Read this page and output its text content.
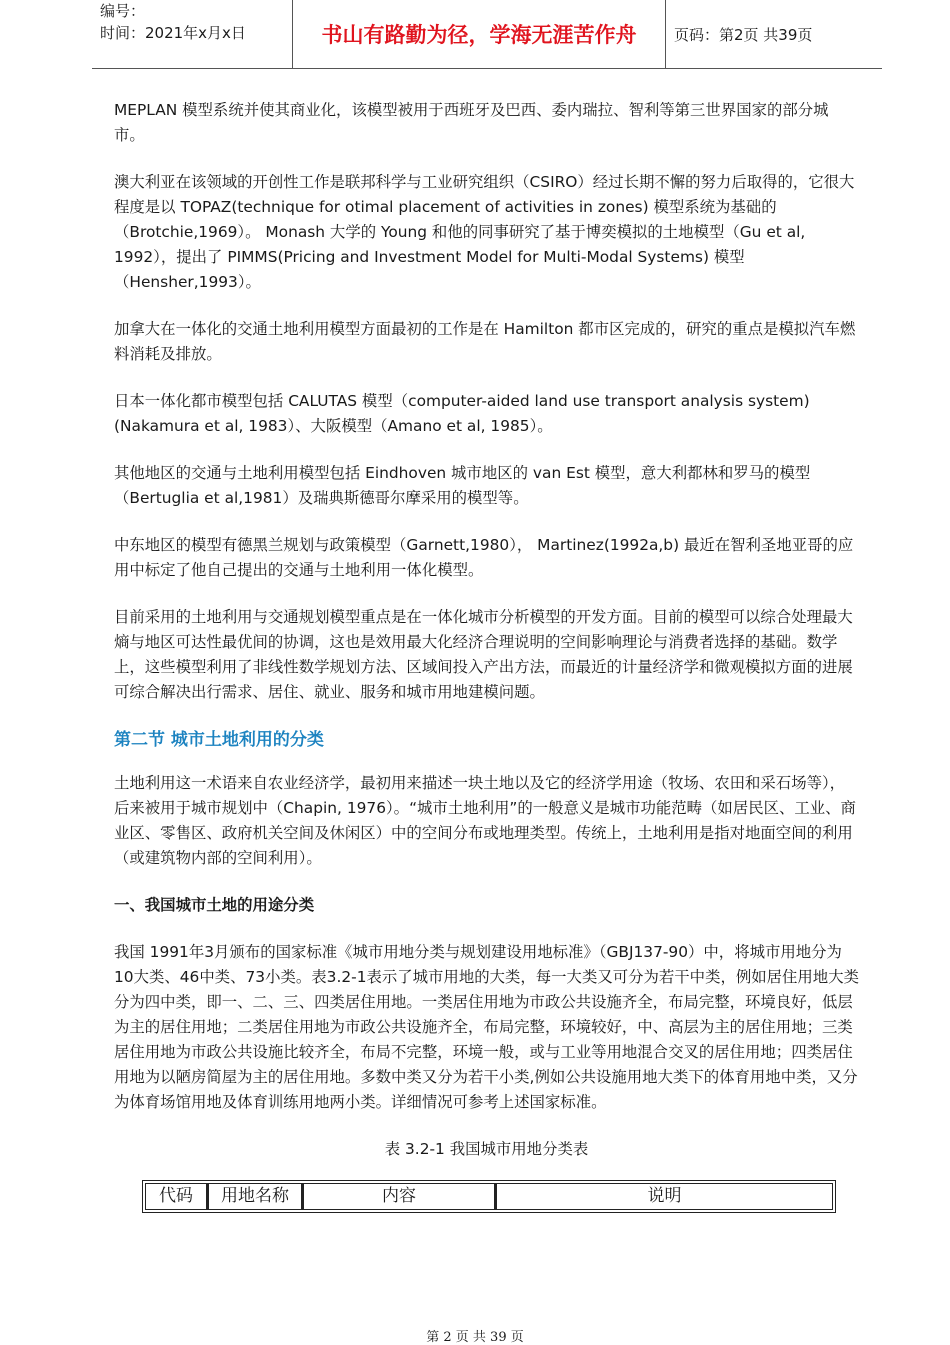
编号：
时间：2021年x月x日	书山有路勤为径，学海无涯苦作舟	页码：第2页 共39页

MEPLAN 模型系统并使其商业化，该模型被用于西班牙及巴西、委内瑞拉、智利等第三世界国家的部分城市。

澳大利亚在该领域的开创性工作是联邦科学与工业研究组织（CSIRO）经过长期不懈的努力后取得的，它很大程度是以 TOPAZ(technique for otimal placement of activities in zones) 模型系统为基础的（Brotchie,1969）。 Monash 大学的 Young 和他的同事研究了基于博奕模拟的土地模型（Gu et al, 1992），提出了 PIMMS(Pricing and Investment Model for Multi-Modal Systems) 模型（Hensher,1993）。

加拿大在一体化的交通土地利用模型方面最初的工作是在 Hamilton 都市区完成的，研究的重点是模拟汽车燃料消耗及排放。

日本一体化都市模型包括 CALUTAS 模型（computer-aided land use transport analysis system)(Nakamura et al, 1983）、大阪模型（Amano et al, 1985）。

其他地区的交通与土地利用模型包括 Eindhoven 城市地区的 van Est 模型，意大利都林和罗马的模型（Bertuglia et al,1981）及瑞典斯德哥尔摩采用的模型等。

中东地区的模型有德黑兰规划与政策模型（Garnett,1980）， Martinez(1992a,b) 最近在智利圣地亚哥的应用中标定了他自己提出的交通与土地利用一体化模型。

目前采用的土地利用与交通规划模型重点是在一体化城市分析模型的开发方面。目前的模型可以综合处理最大熵与地区可达性最优间的协调，这也是效用最大化经济合理说明的空间影响理论与消费者选择的基础。数学上，这些模型利用了非线性数学规划方法、区域间投入产出方法，而最近的计量经济学和微观模拟方面的进展可综合解决出行需求、居住、就业、服务和城市用地建模问题。

第二节 城市土地利用的分类

土地利用这一术语来自农业经济学，最初用来描述一块土地以及它的经济学用途（牧场、农田和采石场等），后来被用于城市规划中（Chapin, 1976）。“城市土地利用”的一般意义是城市功能范畴（如居民区、工业、商业区、零售区、政府机关空间及休闲区）中的空间分布或地理类型。传统上，土地利用是指对地面空间的利用（或建筑物内部的空间利用）。

一、我国城市土地的用途分类

我国 1991年3月颁布的国家标准《城市用地分类与规划建设用地标准》（GBJ137-90）中，将城市用地分为10大类、46中类、73小类。表3.2-1表示了城市用地的大类，每一大类又可分为若干中类，例如居住用地大类分为四中类，即一、二、三、四类居住用地。一类居住用地为市政公共设施齐全，布局完整，环境良好，低层为主的居住用地；二类居住用地为市政公共设施齐全，布局完整，环境较好，中、高层为主的居住用地；三类居住用地为市政公共设施比较齐全，布局不完整，环境一般，或与工业等用地混合交叉的居住用地；四类居住用地为以陋房简屋为主的居住用地。多数中类又分为若干小类,例如公共设施用地大类下的体育用地中类，又分为体育场馆用地及体育训练用地两小类。详细情况可参考上述国家标准。

表 3.2-1 我国城市用地分类表
代码	用地名称	内容	说明
第 2 页 共 39 页
